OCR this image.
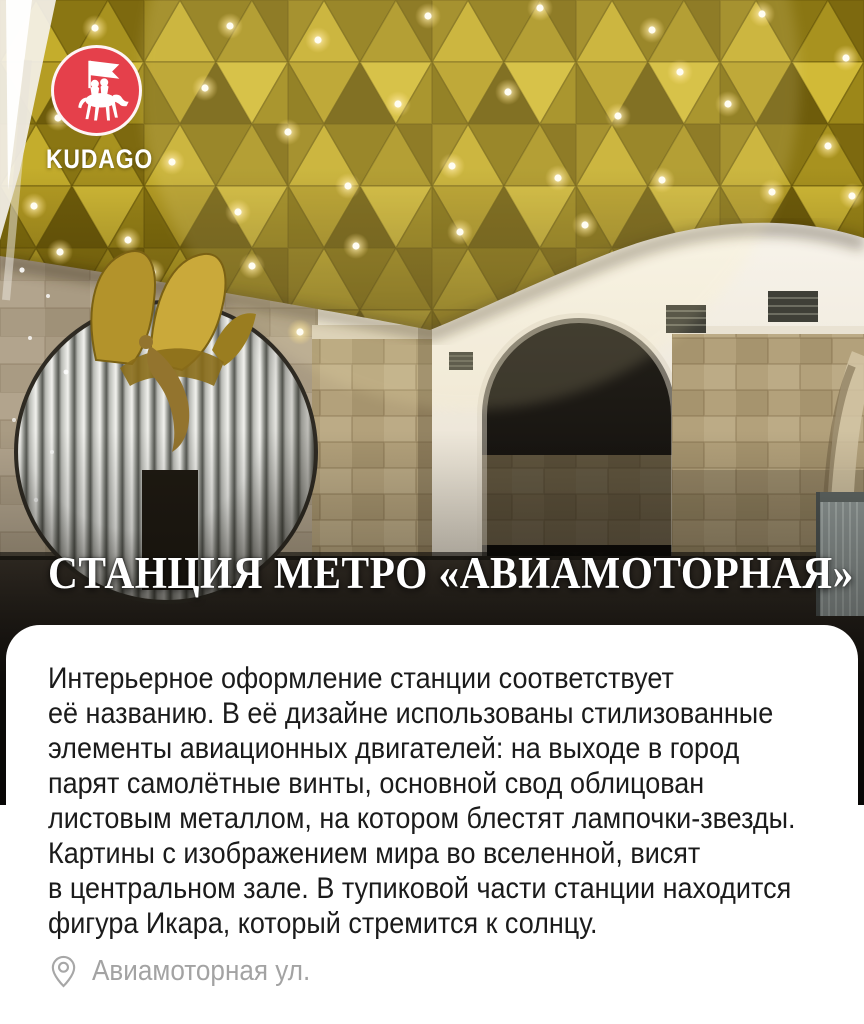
KUDAGO
СТАНЦИЯ МЕТРО «АВИАМОТОРНАЯ»
Интерьерное оформление станции соответствует
её названию. В её дизайне использованы стилизованные
элементы авиационных двигателей: на выходе в город
парят самолётные винты, основной свод облицован
листовым металлом, на котором блестят лампочки-звезды.
Картины с изображением мира во вселенной, висят
в центральном зале. В тупиковой части станции находится
фигура Икара, который стремится к солнцу.
Авиамоторная ул.
